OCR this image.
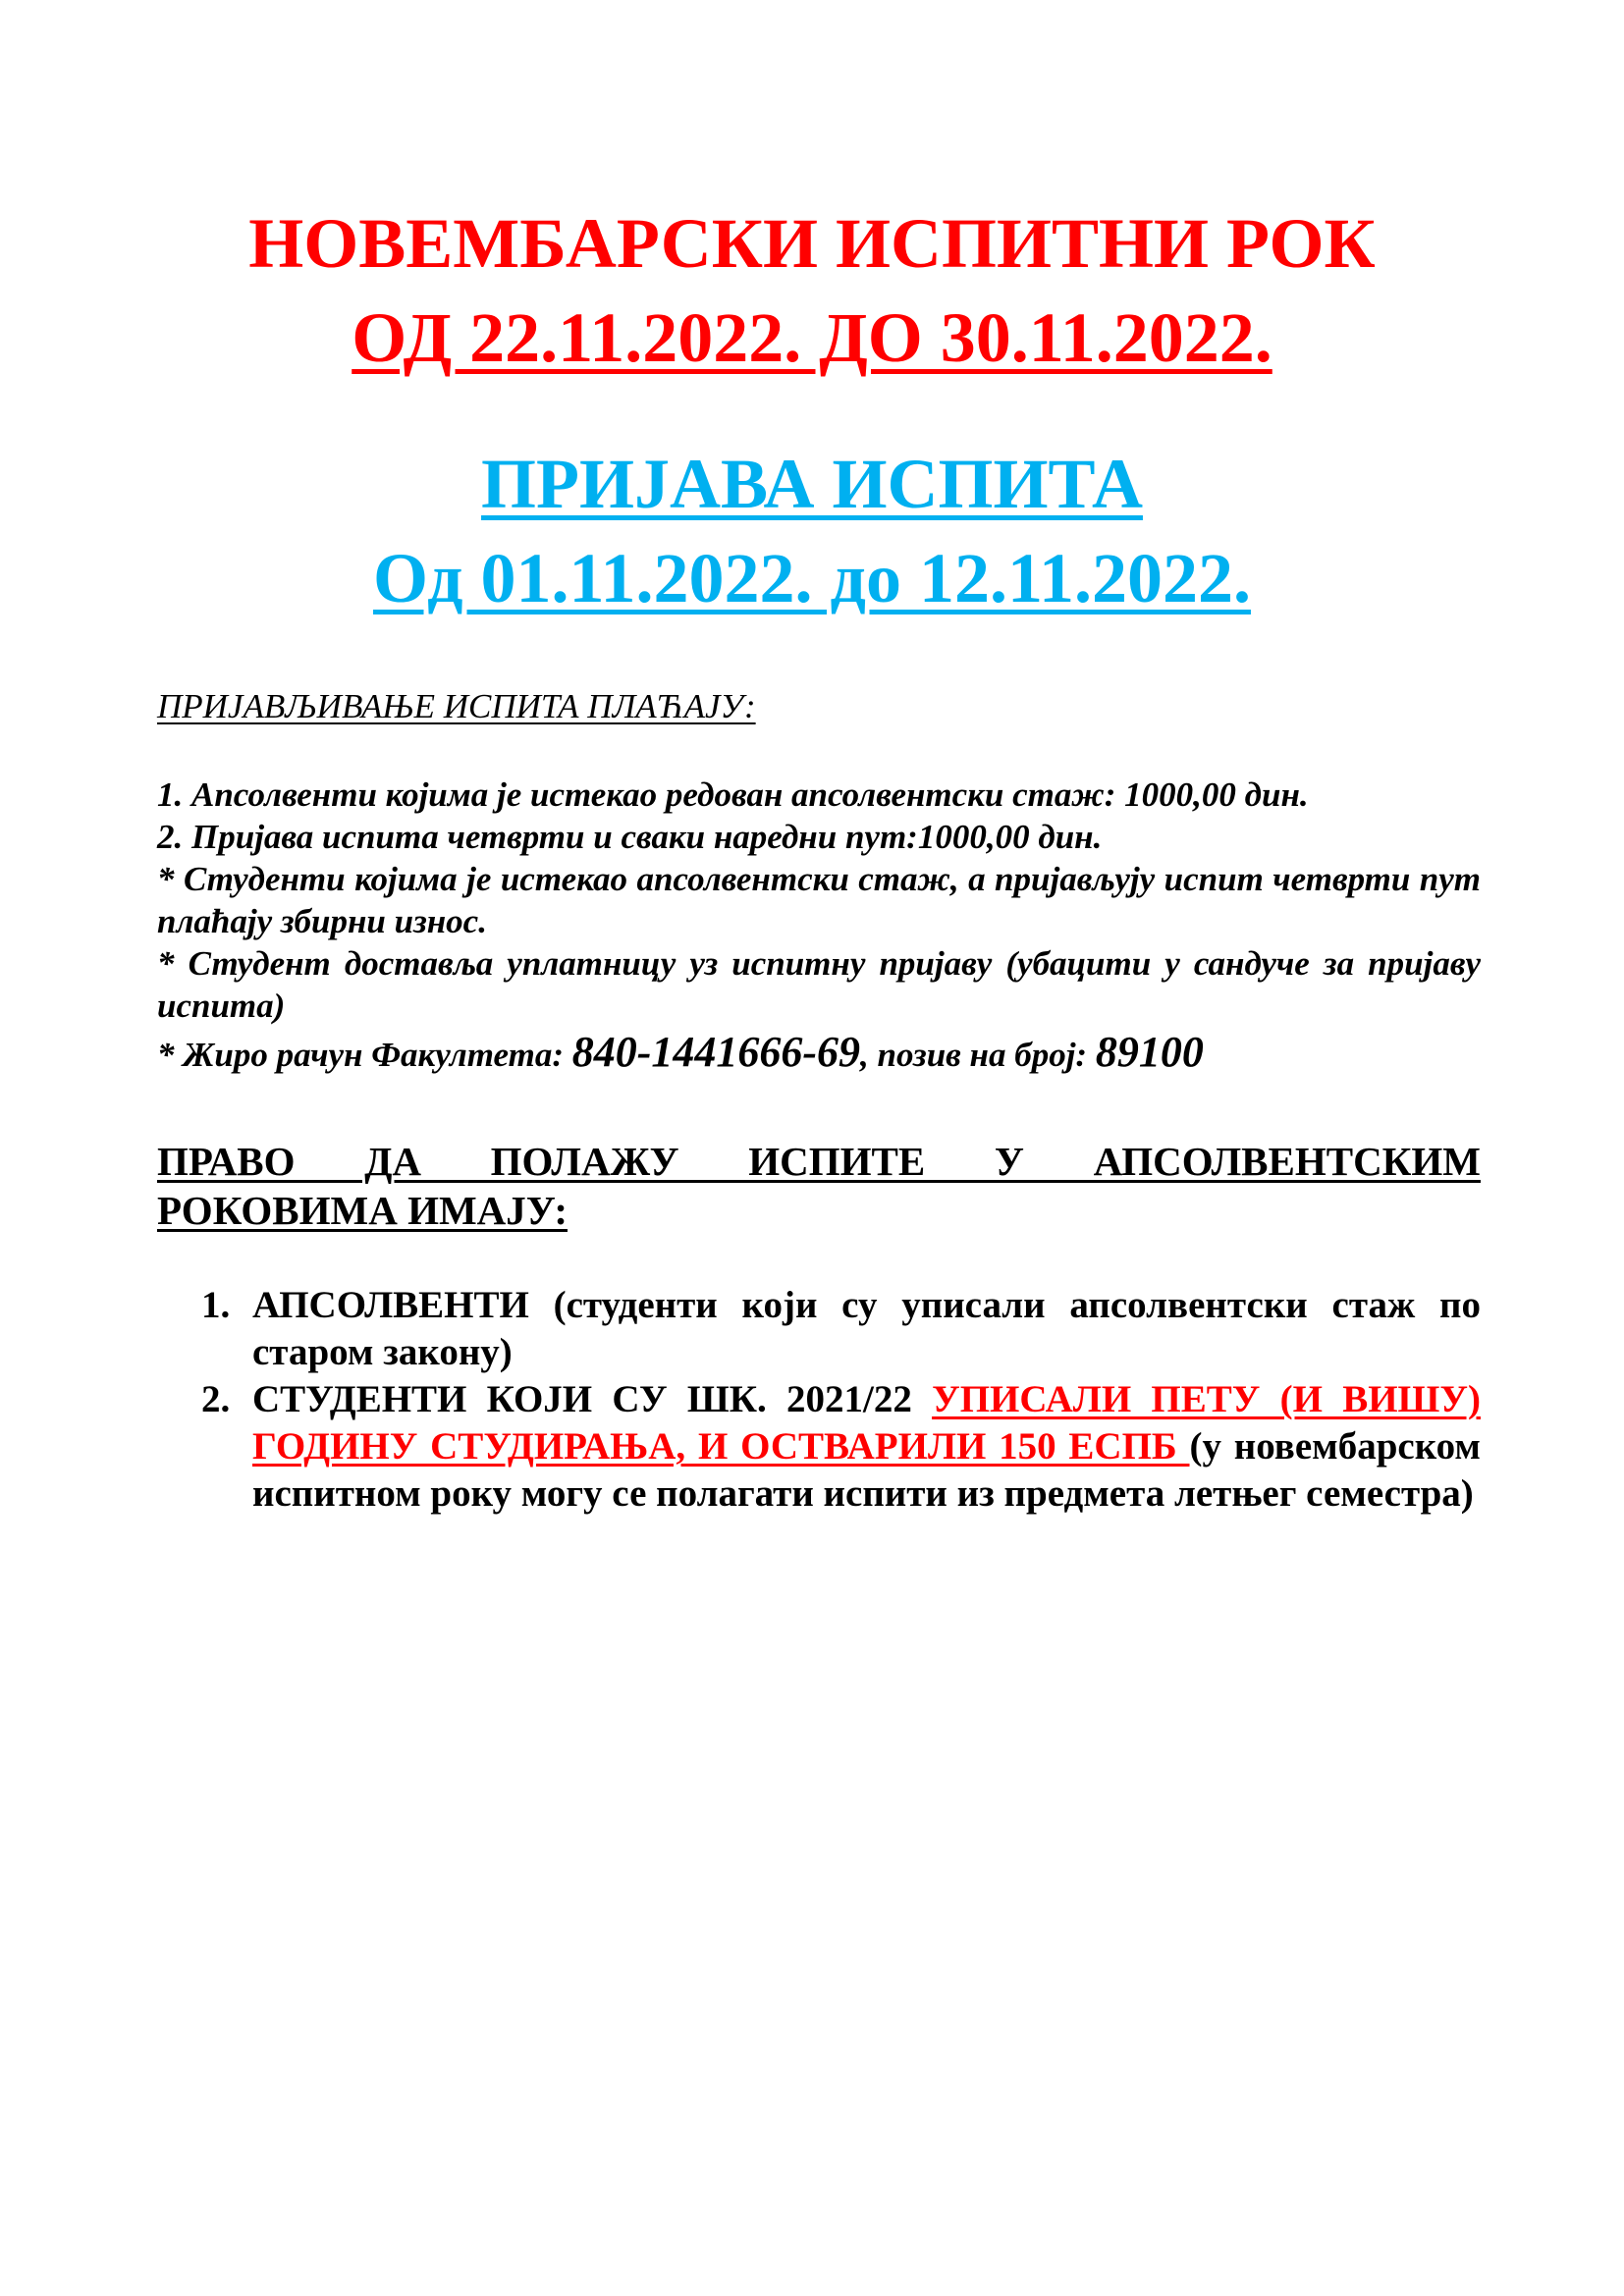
НОВЕМБАРСКИ ИСПИТНИ РОК
ОД 22.11.2022. ДО 30.11.2022.
ПРИЈАВА ИСПИТА
Од 01.11.2022. до 12.11.2022.
ПРИЈАВЉИВАЊЕ ИСПИТА ПЛАЋАЈУ:

1. Апсолвенти којима је истекао редован апсолвентски стаж: 1000,00 дин.

2. Пријава испита четврти и сваки наредни пут:1000,00 дин.

* Студенти којима је истекао апсолвентски стаж, а пријављују испит четврти пут плаћају збирни износ.

* Студент доставља уплатницу уз испитну пријаву (убацити у сандуче за пријаву испита)

* Жиро рачун Факултета: 840-1441666-69, позив на број: 89100

ПРАВО ДА ПОЛАЖУ ИСПИТЕ У АПСОЛВЕНТСКИМ
РОКОВИМА ИМАЈУ:
1. АПСОЛВЕНТИ (студенти који су уписали апсолвентски стаж по старом закону)
2. СТУДЕНТИ КОЈИ СУ ШК. 2021/22 УПИСАЛИ ПЕТУ (И ВИШУ) ГОДИНУ СТУДИРАЊА, И ОСТВАРИЛИ 150 ЕСПБ (у новембарском испитном року могу се полагати испити из предмета летњег семестра)
